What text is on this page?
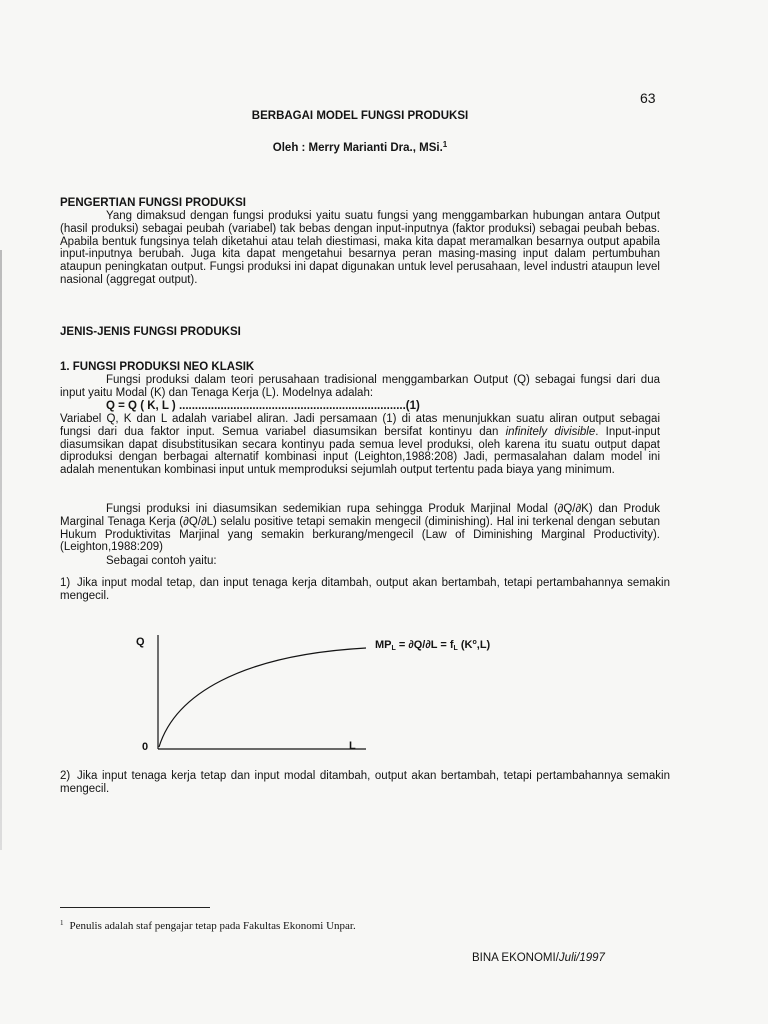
63
BERBAGAI MODEL FUNGSI PRODUKSI
Oleh : Merry Marianti Dra., MSi.$^1$
PENGERTIAN FUNGSI PRODUKSI
Yang dimaksud dengan fungsi produksi yaitu suatu fungsi yang menggambarkan hubungan antara Output (hasil produksi) sebagai peubah (variabel) tak bebas dengan input-inputnya (faktor produksi) sebagai peubah bebas. Apabila bentuk fungsinya telah diketahui atau telah diestimasi, maka kita dapat meramalkan besarnya output apabila input-inputnya berubah. Juga kita dapat mengetahui besarnya peran masing-masing input dalam pertumbuhan ataupun peningkatan output. Fungsi produksi ini dapat digunakan untuk level perusahaan, level industri ataupun level nasional (aggregat output).
JENIS-JENIS FUNGSI PRODUKSI
1. FUNGSI PRODUKSI NEO KLASIK
Fungsi produksi dalam teori perusahaan tradisional menggambarkan Output (Q) sebagai fungsi dari dua input yaitu Modal (K) dan Tenaga Kerja (L). Modelnya adalah:
Q = Q ( K, L ) .......................................................................(1)
Variabel Q, K dan L adalah variabel aliran. Jadi persamaan (1) di atas menunjukkan suatu aliran output sebagai fungsi dari dua faktor input. Semua variabel diasumsikan bersifat kontinyu dan infinitely divisible. Input-input diasumsikan dapat disubstitusikan secara kontinyu pada semua level produksi, oleh karena itu suatu output dapat diproduksi dengan berbagai alternatif kombinasi input (Leighton,1988:208) Jadi, permasalahan dalam model ini adalah menentukan kombinasi input untuk memproduksi sejumlah output tertentu pada biaya yang minimum.
Fungsi produksi ini diasumsikan sedemikian rupa sehingga Produk Marjinal Modal (∂Q/∂K) dan Produk Marginal Tenaga Kerja (∂Q/∂L) selalu positive tetapi semakin mengecil (diminishing). Hal ini terkenal dengan sebutan Hukum Produktivitas Marjinal yang semakin berkurang/mengecil (Law of Diminishing Marginal Productivity).(Leighton,1988:209)
Sebagai contoh yaitu:
1) Jika input modal tetap, dan input tenaga kerja ditambah, output akan bertambah, tetapi pertambahannya semakin mengecil.
Q
0	L
$MP_L = \partial Q/\partial L = f_L$ $(K^o,L)$
2) Jika input tenaga kerja tetap dan input modal ditambah, output akan bertambah, tetapi pertambahannya semakin mengecil.
$^1$ Penulis adalah staf pengajar tetap pada Fakultas Ekonomi Unpar.
BINA EKONOMI/Juli/1997
